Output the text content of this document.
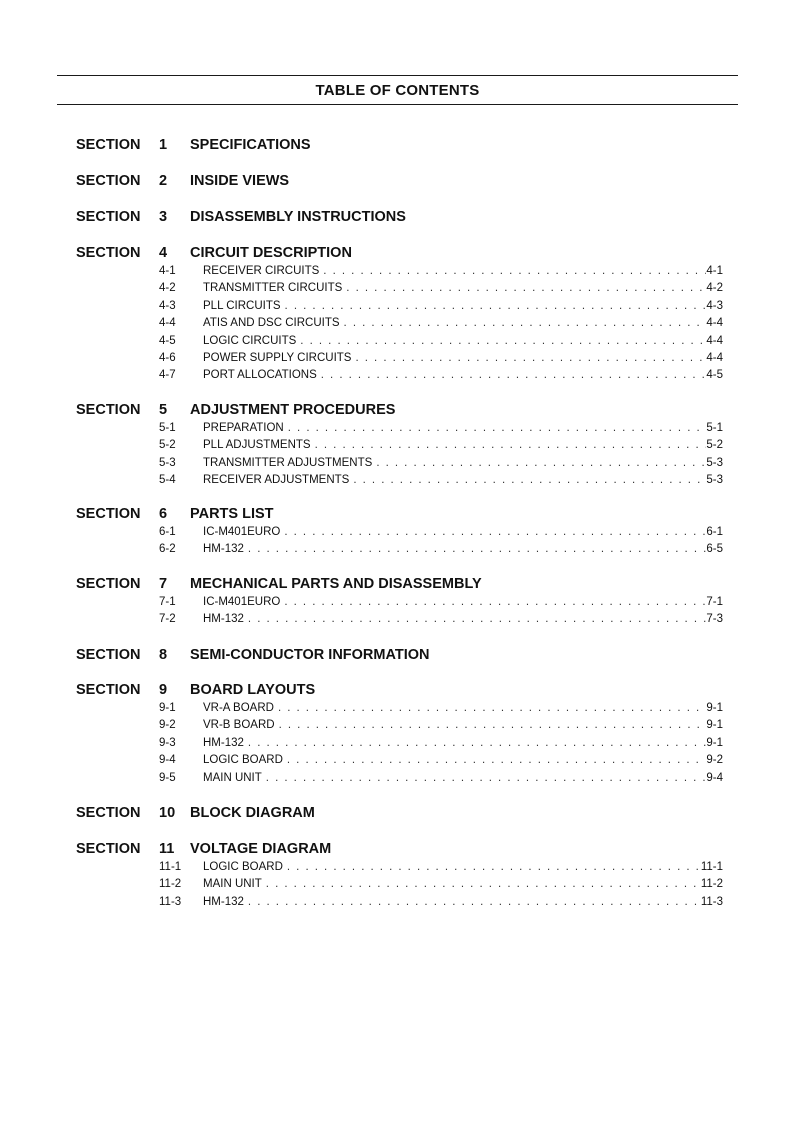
TABLE OF CONTENTS
SECTION 1 SPECIFICATIONS
SECTION 2 INSIDE VIEWS
SECTION 3 DISASSEMBLY INSTRUCTIONS
SECTION 4 CIRCUIT DESCRIPTION
4-1 RECEIVER CIRCUITS . . .	4-1
4-2 TRANSMITTER CIRCUITS . . .	4-2
4-3 PLL CIRCUITS . . .	4-3
4-4 ATIS AND DSC CIRCUITS . . .	4-4
4-5 LOGIC CIRCUITS . . .	4-4
4-6 POWER SUPPLY CIRCUITS . . .	4-4
4-7 PORT ALLOCATIONS . . .	4-5
SECTION 5 ADJUSTMENT PROCEDURES
5-1 PREPARATION . . .	5-1
5-2 PLL ADJUSTMENTS . . .	5-2
5-3 TRANSMITTER ADJUSTMENTS . . .	5-3
5-4 RECEIVER ADJUSTMENTS . . .	5-3
SECTION 6 PARTS LIST
6-1 IC-M401EURO . . .	6-1
6-2 HM-132 . . .	6-5
SECTION 7 MECHANICAL PARTS AND DISASSEMBLY
7-1 IC-M401EURO . . .	7-1
7-2 HM-132 . . .	7-3
SECTION 8 SEMI-CONDUCTOR INFORMATION
SECTION 9 BOARD LAYOUTS
9-1 VR-A BOARD . . .	9-1
9-2 VR-B BOARD . . .	9-1
9-3 HM-132 . . .	9-1
9-4 LOGIC BOARD . . .	9-2
9-5 MAIN UNIT . . .	9-4
SECTION 10 BLOCK DIAGRAM
SECTION 11 VOLTAGE DIAGRAM
11-1 LOGIC BOARD . . .	11-1
11-2 MAIN UNIT . . .	11-2
11-3 HM-132 . . .	11-3
